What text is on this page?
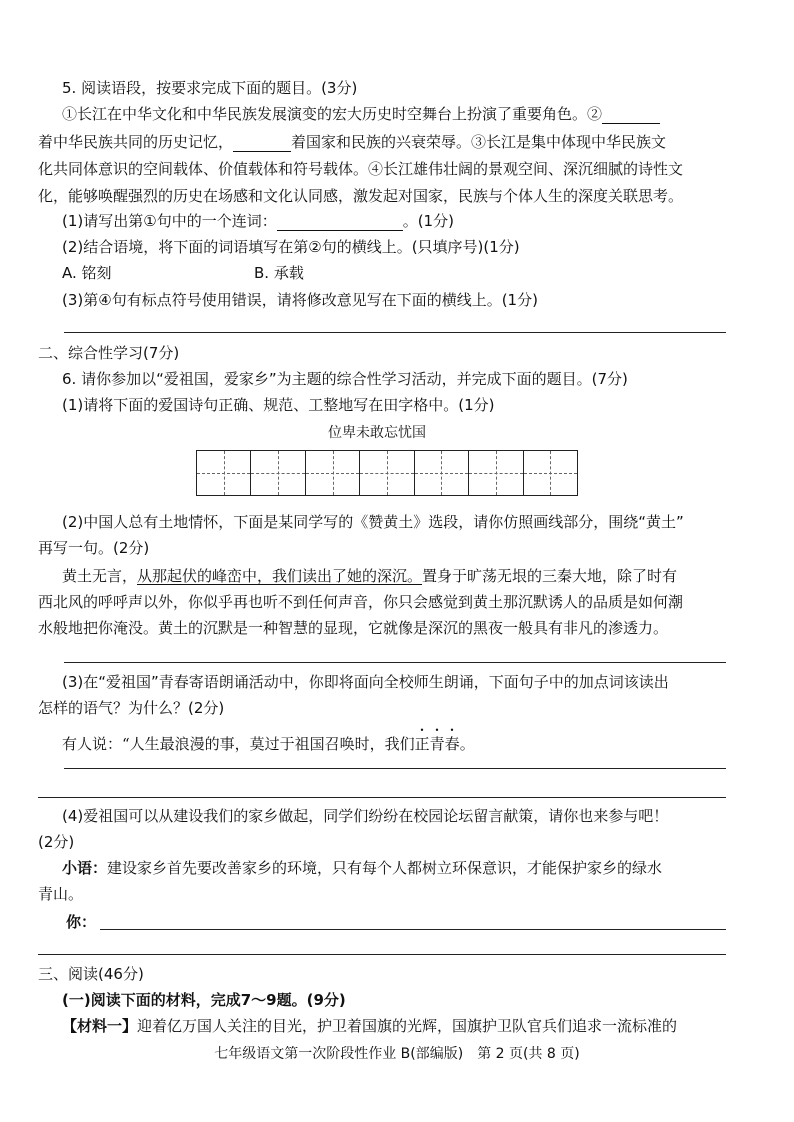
5. 阅读语段，按要求完成下面的题目。(3分)
①长江在中华文化和中华民族发展演变的宏大历史时空舞台上扮演了重要角色。②
着中华民族共同的历史记忆，	着国家和民族的兴衰荣辱。③长江是集中体现中华民族文
化共同体意识的空间载体、价值载体和符号载体。④长江雄伟壮阔的景观空间、深沉细腻的诗性文
化，能够唤醒强烈的历史在场感和文化认同感，激发起对国家，民族与个体人生的深度关联思考。
(1)请写出第①句中的一个连词：	。(1分)
(2)结合语境，将下面的词语填写在第②句的横线上。(只填序号)(1分)
A. 铭刻	B. 承载
(3)第④句有标点符号使用错误，请将修改意见写在下面的横线上。(1分)
二、综合性学习(7分)
6. 请你参加以“爱祖国，爱家乡”为主题的综合性学习活动，并完成下面的题目。(7分)
(1)请将下面的爱国诗句正确、规范、工整地写在田字格中。(1分)
位卑未敢忘忧国
(2)中国人总有土地情怀，下面是某同学写的《赞黄土》选段，请你仿照画线部分，围绕“黄土”
再写一句。(2分)
黄土无言，从那起伏的峰峦中，我们读出了她的深沉。置身于旷荡无垠的三秦大地，除了时有
西北风的呼呼声以外，你似乎再也听不到任何声音，你只会感觉到黄土那沉默诱人的品质是如何潮
水般地把你淹没。黄土的沉默是一种智慧的显现，它就像是深沉的黑夜一般具有非凡的渗透力。
(3)在“爱祖国”青春寄语朗诵活动中，你即将面向全校师生朗诵，下面句子中的加点词该读出
怎样的语气？为什么？(2分)
有人说：“人生最浪漫的事，莫过于祖国召唤时，我们正青春。
(4)爱祖国可以从建设我们的家乡做起，同学们纷纷在校园论坛留言献策，请你也来参与吧！
(2分)
小语：建设家乡首先要改善家乡的环境，只有每个人都树立环保意识，才能保护家乡的绿水
青山。
你：
三、阅读(46分)
(一)阅读下面的材料，完成7～9题。(9分)
【材料一】迎着亿万国人关注的目光，护卫着国旗的光辉，国旗护卫队官兵们追求一流标准的
七年级语文第一次阶段性作业 B(部编版)　第 2 页(共 8 页)
